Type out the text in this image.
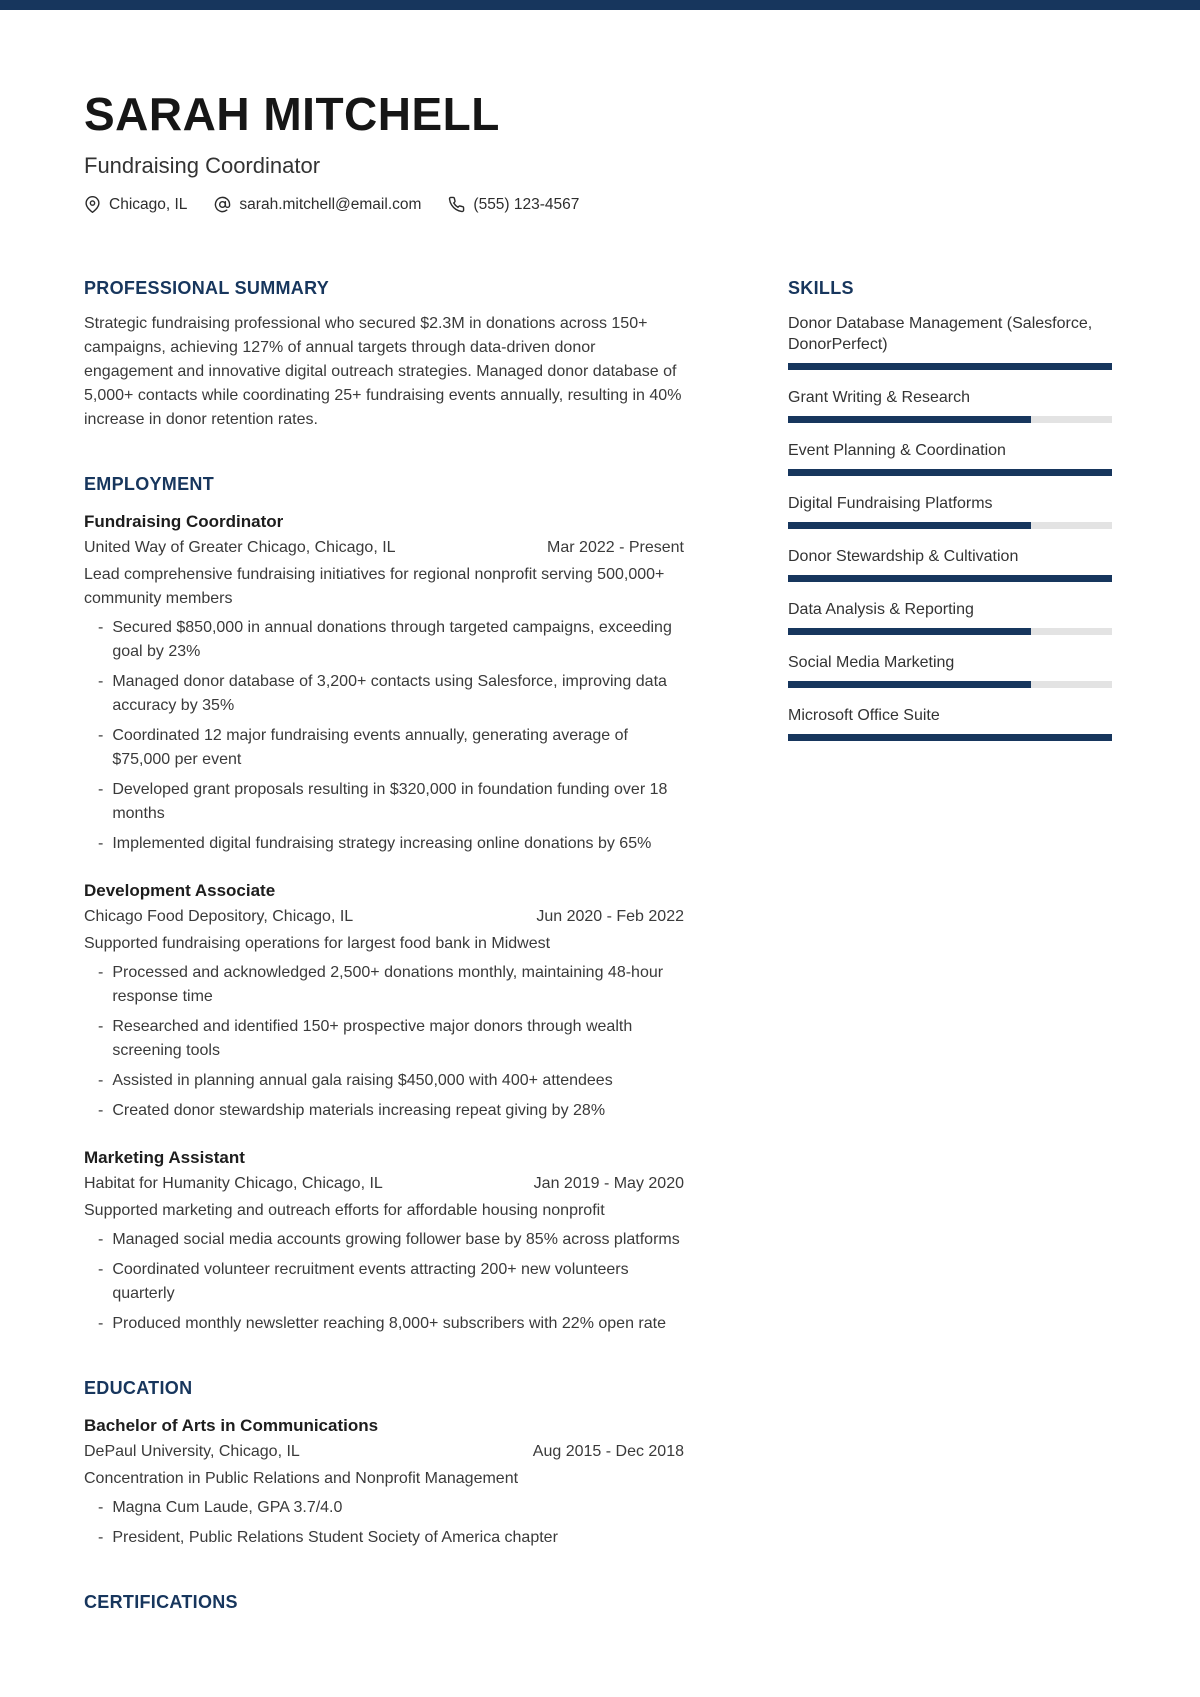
SARAH MITCHELL
Fundraising Coordinator
Chicago, IL	sarah.mitchell@email.com	(555) 123-4567
PROFESSIONAL SUMMARY

Strategic fundraising professional who secured $2.3M in donations across 150+ campaigns, achieving 127% of annual targets through data-driven donor engagement and innovative digital outreach strategies. Managed donor database of 5,000+ contacts while coordinating 25+ fundraising events annually, resulting in 40% increase in donor retention rates.

EMPLOYMENT
Fundraising Coordinator
United Way of Greater Chicago, Chicago, IL	Mar 2022 - Present
Lead comprehensive fundraising initiatives for regional nonprofit serving 500,000+ community members
- Secured $850,000 in annual donations through targeted campaigns, exceeding goal by 23%
- Managed donor database of 3,200+ contacts using Salesforce, improving data accuracy by 35%
- Coordinated 12 major fundraising events annually, generating average of $75,000 per event
- Developed grant proposals resulting in $320,000 in foundation funding over 18 months
- Implemented digital fundraising strategy increasing online donations by 65%
Development Associate
Chicago Food Depository, Chicago, IL	Jun 2020 - Feb 2022
Supported fundraising operations for largest food bank in Midwest
- Processed and acknowledged 2,500+ donations monthly, maintaining 48-hour response time
- Researched and identified 150+ prospective major donors through wealth screening tools
- Assisted in planning annual gala raising $450,000 with 400+ attendees
- Created donor stewardship materials increasing repeat giving by 28%
Marketing Assistant
Habitat for Humanity Chicago, Chicago, IL	Jan 2019 - May 2020
Supported marketing and outreach efforts for affordable housing nonprofit
- Managed social media accounts growing follower base by 85% across platforms
- Coordinated volunteer recruitment events attracting 200+ new volunteers quarterly
- Produced monthly newsletter reaching 8,000+ subscribers with 22% open rate
EDUCATION
Bachelor of Arts in Communications
DePaul University, Chicago, IL	Aug 2015 - Dec 2018
Concentration in Public Relations and Nonprofit Management
- Magna Cum Laude, GPA 3.7/4.0
- President, Public Relations Student Society of America chapter
CERTIFICATIONS
SKILLS
Donor Database Management (Salesforce, DonorPerfect)
Grant Writing & Research
Event Planning & Coordination
Digital Fundraising Platforms
Donor Stewardship & Cultivation
Data Analysis & Reporting
Social Media Marketing
Microsoft Office Suite
